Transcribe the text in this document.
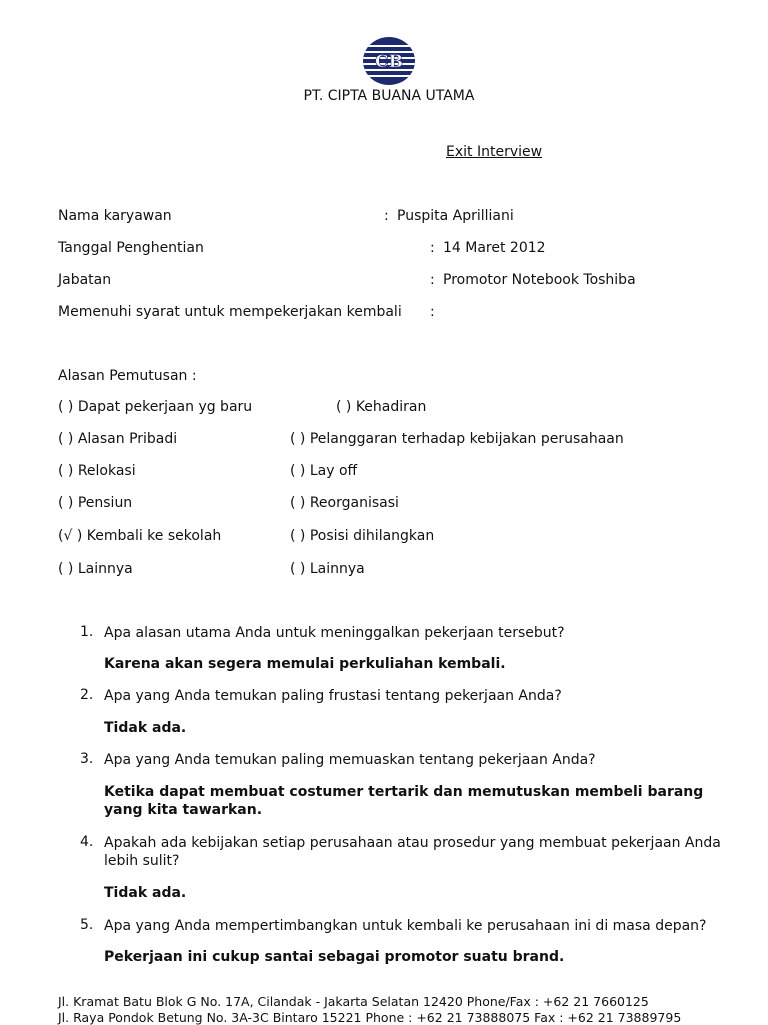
CB
PT. CIPTA BUANA UTAMA
Exit Interview
Nama karyawan	: Puspita Aprilliani
Tanggal Penghentian	: 14 Maret 2012
Jabatan	: Promotor Notebook Toshiba
Memenuhi syarat untuk mempekerjakan kembali :
Alasan Pemutusan :
( ) Dapat pekerjaan yg baru	( ) Kehadiran
( ) Alasan Pribadi	( ) Pelanggaran terhadap kebijakan perusahaan
( ) Relokasi	( ) Lay off
( ) Pensiun	( ) Reorganisasi
(√ ) Kembali ke sekolah	( ) Posisi dihilangkan
( ) Lainnya	( ) Lainnya
1. Apa alasan utama Anda untuk meninggalkan pekerjaan tersebut?
Karena akan segera memulai perkuliahan kembali.
2. Apa yang Anda temukan paling frustasi tentang pekerjaan Anda?
Tidak ada.
3. Apa yang Anda temukan paling memuaskan tentang pekerjaan Anda?
Ketika dapat membuat costumer tertarik dan memutuskan membeli barang yang kita tawarkan.
4. Apakah ada kebijakan setiap perusahaan atau prosedur yang membuat pekerjaan Anda lebih sulit?
Tidak ada.
5. Apa yang Anda mempertimbangkan untuk kembali ke perusahaan ini di masa depan?
Pekerjaan ini cukup santai sebagai promotor suatu brand.
Jl. Kramat Batu Blok G No. 17A, Cilandak - Jakarta Selatan 12420 Phone/Fax : +62 21 7660125
Jl. Raya Pondok Betung No. 3A-3C Bintaro 15221 Phone : +62 21 73888075 Fax : +62 21 73889795
